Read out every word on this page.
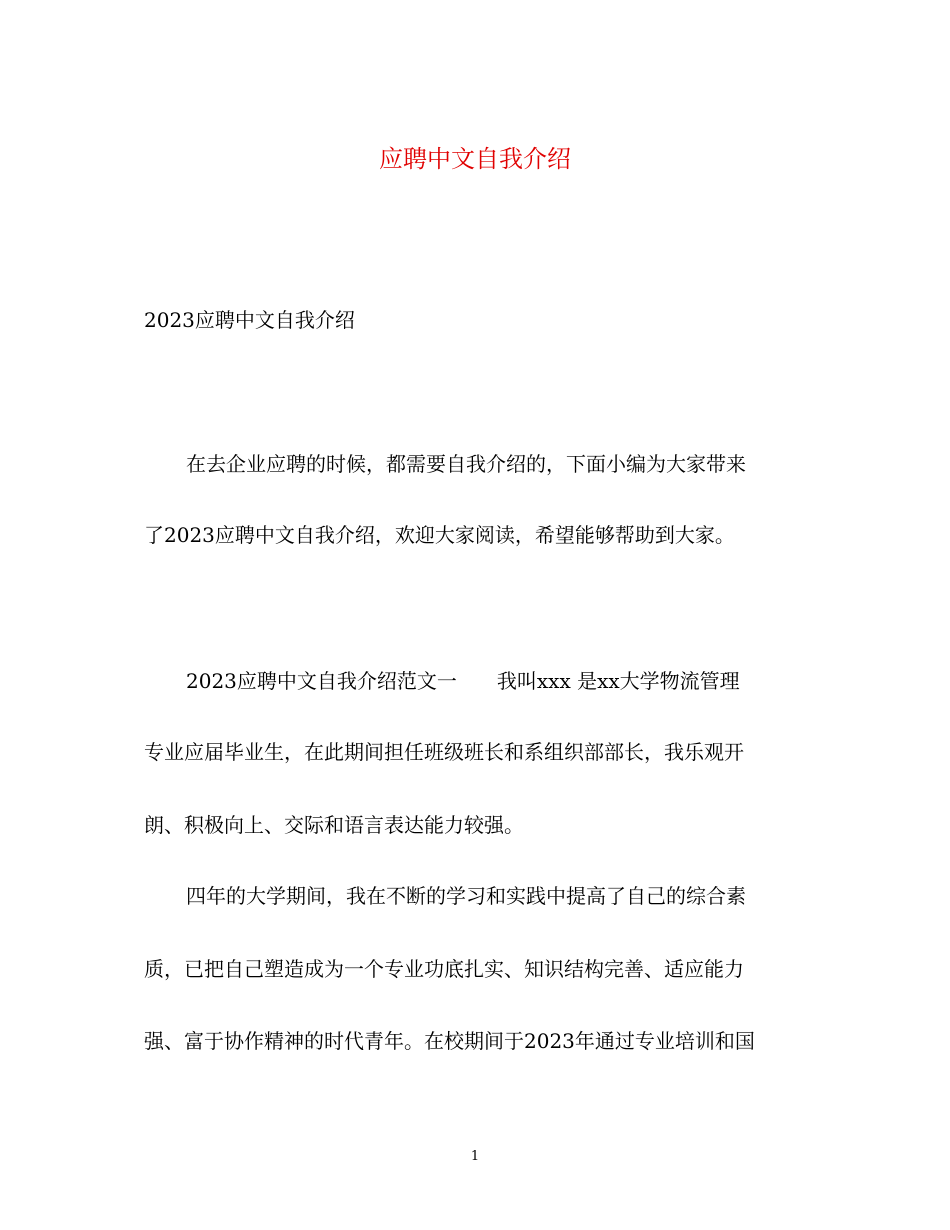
应聘中文自我介绍

2023应聘中文自我介绍

在去企业应聘的时候，都需要自我介绍的，下面小编为大家带来

了2023应聘中文自我介绍，欢迎大家阅读，希望能够帮助到大家。

2023应聘中文自我介绍范文一　　我叫xxx 是xx大学物流管理

专业应届毕业生，在此期间担任班级班长和系组织部部长，我乐观开

朗、积极向上、交际和语言表达能力较强。

四年的大学期间，我在不断的学习和实践中提高了自己的综合素

质，已把自己塑造成为一个专业功底扎实、知识结构完善、适应能力

强、富于协作精神的时代青年。在校期间于2023年通过专业培训和国

1
